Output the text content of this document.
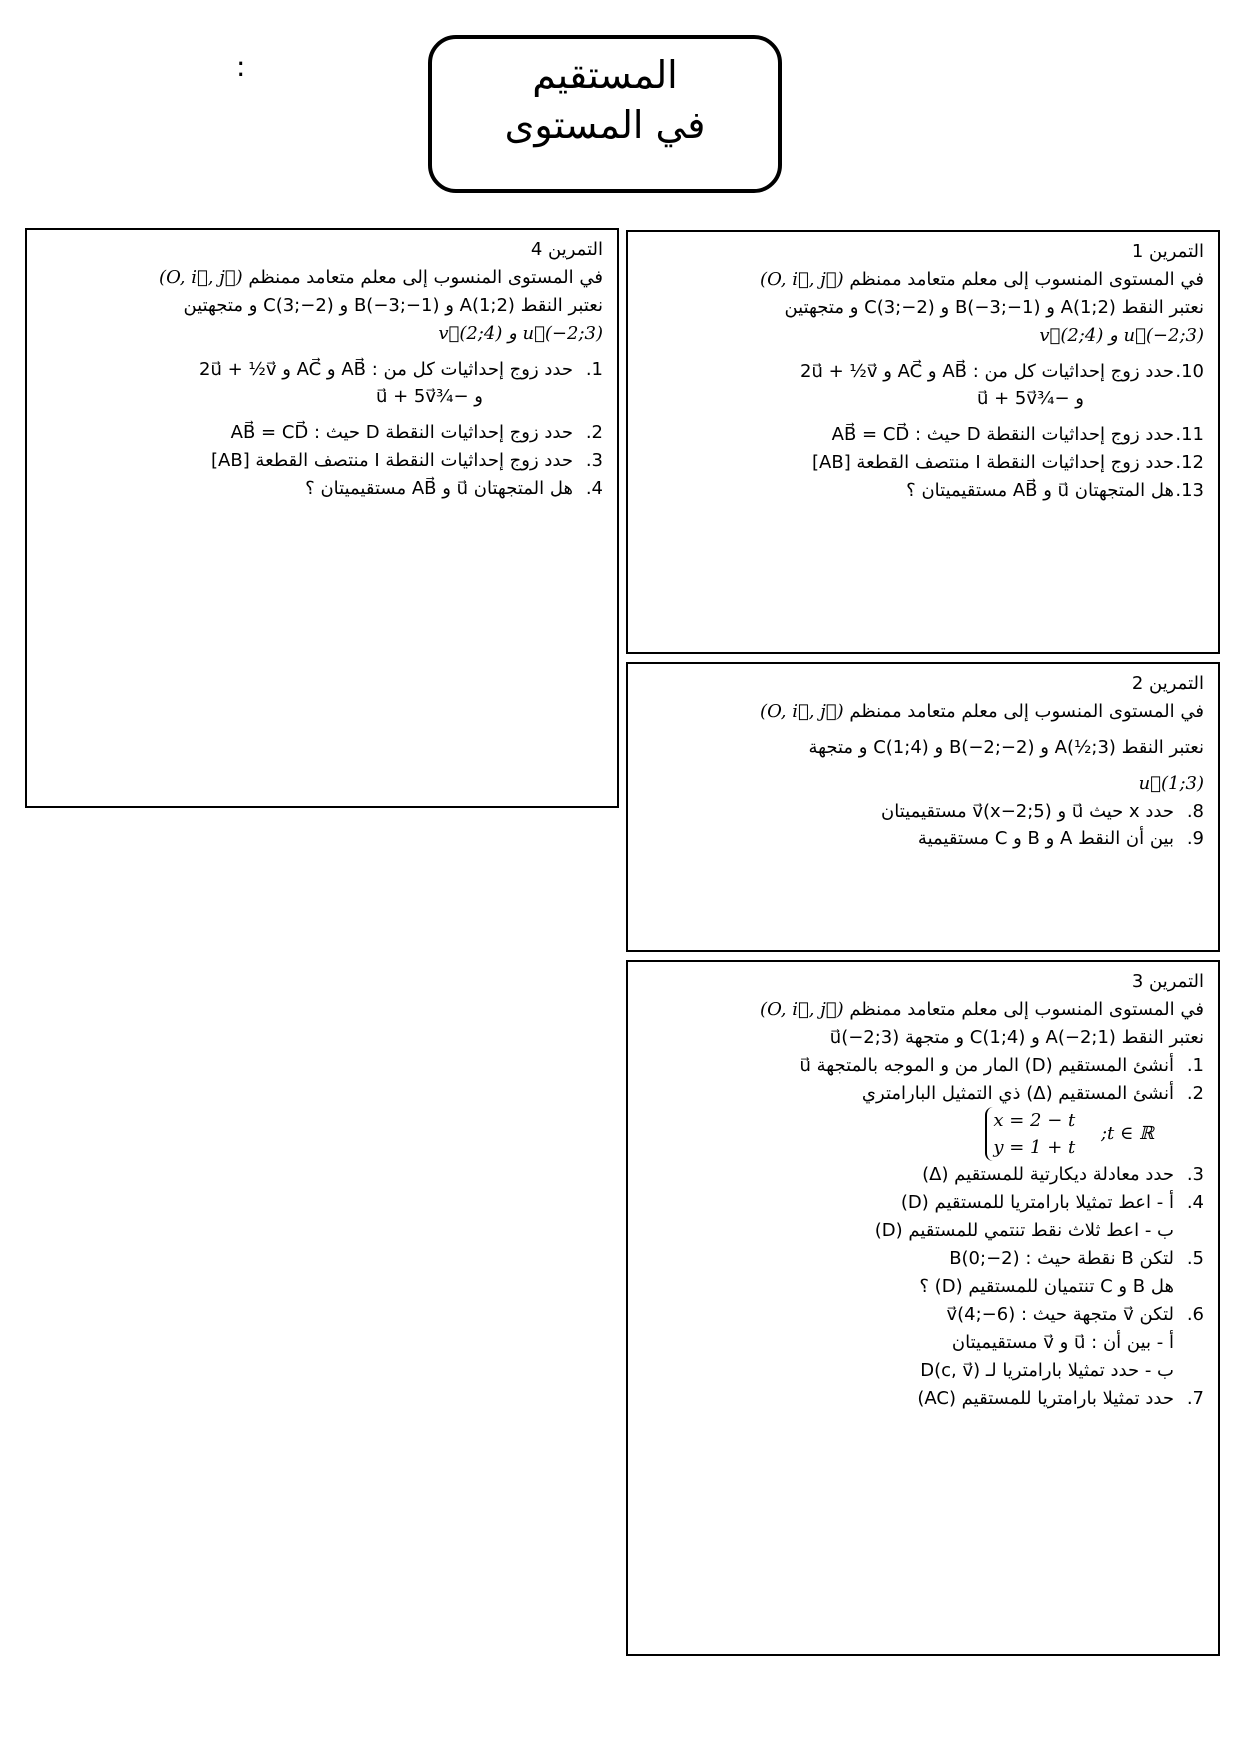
:	المستقيم
في المستوى
التمرين 1
في المستوى المنسوب إلى معلم متعامد ممنظم (O, i⃗, j⃗)
نعتبر النقط A(1;2) و B(−3;−1) و C(3;−2) و متجهتين
v⃗(2;4) و u⃗(−2;3)
10.حدد زوج إحداثيات كل من : AB⃗ و AC⃗ و 2u⃗ + ½v⃗
و −¾u⃗ + 5v⃗
11.حدد زوج إحداثيات النقطة D حيث : AB⃗ = CD⃗
12.حدد زوج إحداثيات النقطة I منتصف القطعة [AB]
13.هل المتجهتان u⃗ و AB⃗ مستقيميتان ؟
التمرين 2
في المستوى المنسوب إلى معلم متعامد ممنظم (O, i⃗, j⃗)
نعتبر النقط A(½;3) و B(−2;−2) و C(1;4) و متجهة
u⃗(1;3)
8.حدد x حيث u⃗ و v⃗(x−2;5) مستقيميتان
9.بين أن النقط A و B و C مستقيمية
التمرين 3
في المستوى المنسوب إلى معلم متعامد ممنظم (O, i⃗, j⃗)
نعتبر النقط A(−2;1) و C(1;4) و متجهة u⃗(−2;3)
1.أنشئ المستقيم (D) المار من و الموجه بالمتجهة u⃗
2.أنشئ المستقيم (Δ) ذي التمثيل البارامتري
;t ∈ ℝ
x = 2 − t
y = 1 + t
3.حدد معادلة ديكارتية للمستقيم (Δ)
4.أ - اعط تمثيلا بارامتريا للمستقيم (D)
ب - اعط ثلاث نقط تنتمي للمستقيم (D)
5.لتكن B نقطة حيث : B(0;−2)
هل B و C تنتميان للمستقيم (D) ؟
6.لتكن v⃗ متجهة حيث : v⃗(4;−6)
أ - بين أن : u⃗ و v⃗ مستقيميتان
ب - حدد تمثيلا بارامتريا لـ D(c, v⃗)
7.حدد تمثيلا بارامتريا للمستقيم (AC)
التمرين 4
في المستوى المنسوب إلى معلم متعامد ممنظم (O, i⃗, j⃗)
نعتبر النقط A(1;2) و B(−3;−1) و C(3;−2) و متجهتين
v⃗(2;4) و u⃗(−2;3)
1.حدد زوج إحداثيات كل من : AB⃗ و AC⃗ و 2u⃗ + ½v⃗
و −¾u⃗ + 5v⃗
2.حدد زوج إحداثيات النقطة D حيث : AB⃗ = CD⃗
3.حدد زوج إحداثيات النقطة I منتصف القطعة [AB]
4.هل المتجهتان u⃗ و AB⃗ مستقيميتان ؟
